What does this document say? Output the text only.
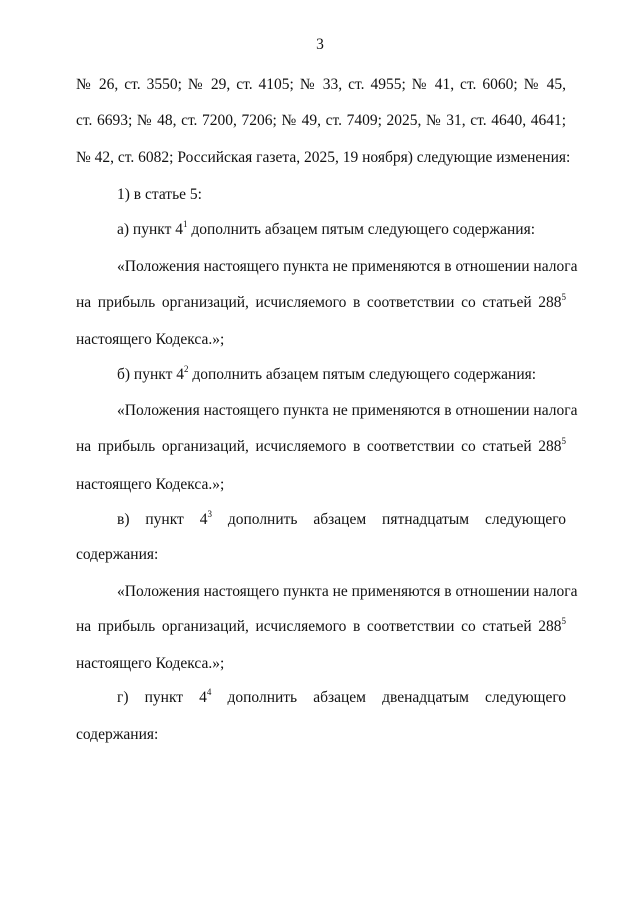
3
№ 26, ст. 3550; № 29, ст. 4105; № 33, ст. 4955; № 41, ст. 6060; № 45,
ст. 6693; № 48, ст. 7200, 7206; № 49, ст. 7409; 2025, № 31, ст. 4640, 4641;
№ 42, ст. 6082; Российская газета, 2025, 19 ноября) следующие изменения:
1) в статье 5:
а) пункт $4^1$ дополнить абзацем пятым следующего содержания:
«Положения настоящего пункта не применяются в отношении налога
на прибыль организаций, исчисляемого в соответствии со статьей $288^5$
настоящего Кодекса.»;
б) пункт $4^2$ дополнить абзацем пятым следующего содержания:
«Положения настоящего пункта не применяются в отношении налога
на прибыль организаций, исчисляемого в соответствии со статьей $288^5$
настоящего Кодекса.»;
в) пункт $4^3$ дополнить абзацем пятнадцатым следующего
содержания:
«Положения настоящего пункта не применяются в отношении налога
на прибыль организаций, исчисляемого в соответствии со статьей $288^5$
настоящего Кодекса.»;
г) пункт $4^4$ дополнить абзацем двенадцатым следующего
содержания:
